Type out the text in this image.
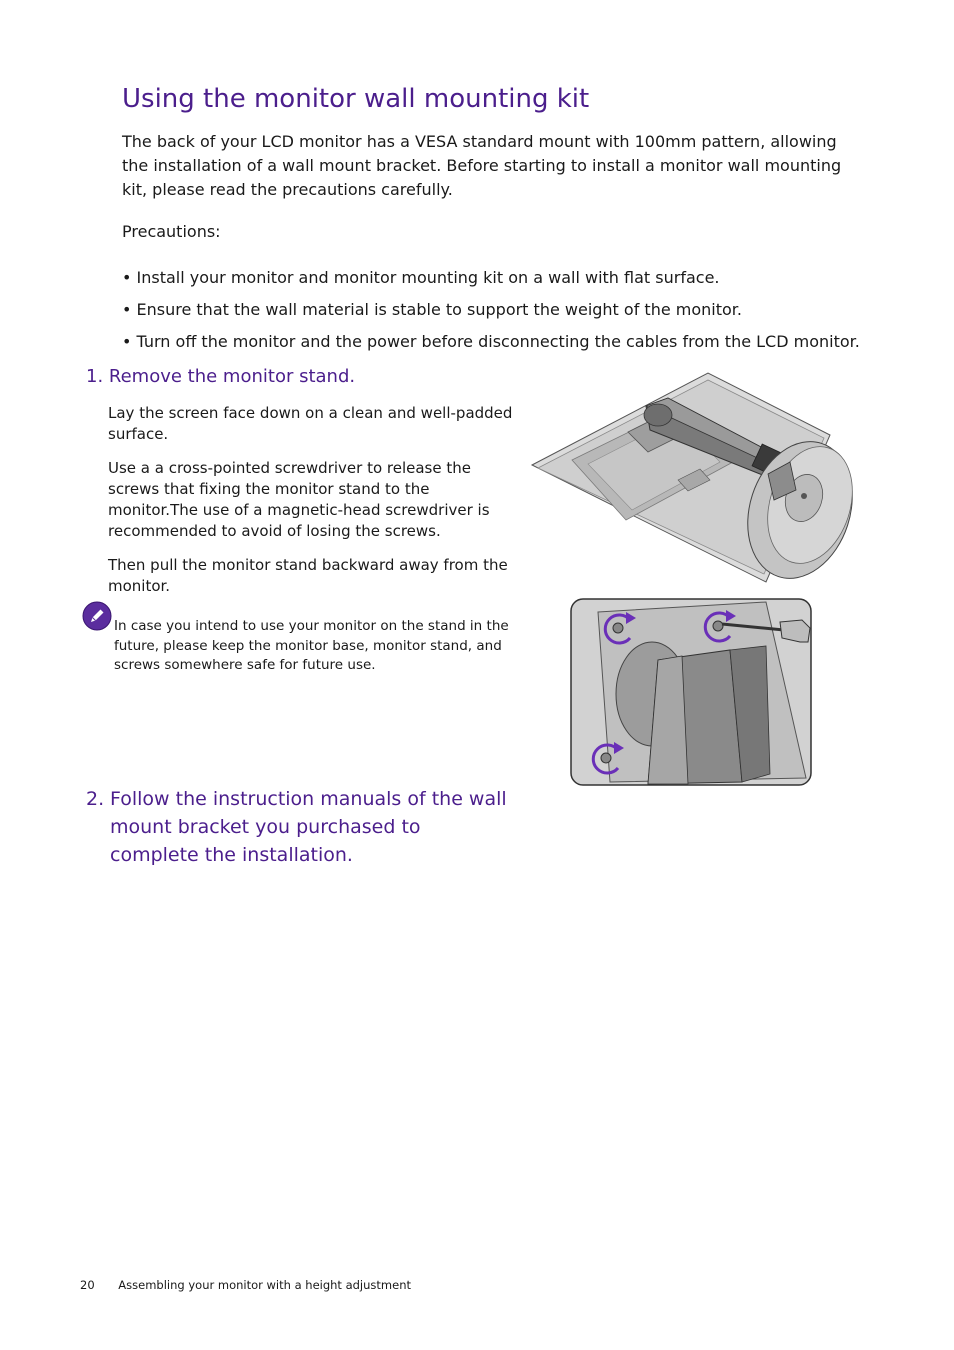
Using the monitor wall mounting kit

The back of your LCD monitor has a VESA standard mount with 100mm pattern, allowing the installation of a wall mount bracket. Before starting to install a monitor wall mounting kit, please read the precautions carefully.

Precautions:

• Install your monitor and monitor mounting kit on a wall with flat surface.
• Ensure that the wall material is stable to support the weight of the monitor.
• Turn off the monitor and the power before disconnecting the cables from the LCD monitor.
1. Remove the monitor stand.

Lay the screen face down on a clean and well-padded surface.

Use a a cross-pointed screwdriver to release the screws that fixing the monitor stand to the monitor.The use of a magnetic-head screwdriver is recommended to avoid of losing the screws.

Then pull the monitor stand backward away from the monitor.

In case you intend to use your monitor on the stand in the future, please keep the monitor base, monitor stand, and screws somewhere safe for future use.

2. Follow the instruction manuals of the wall mount bracket you purchased to complete the installation.
20 Assembling your monitor with a height adjustment
